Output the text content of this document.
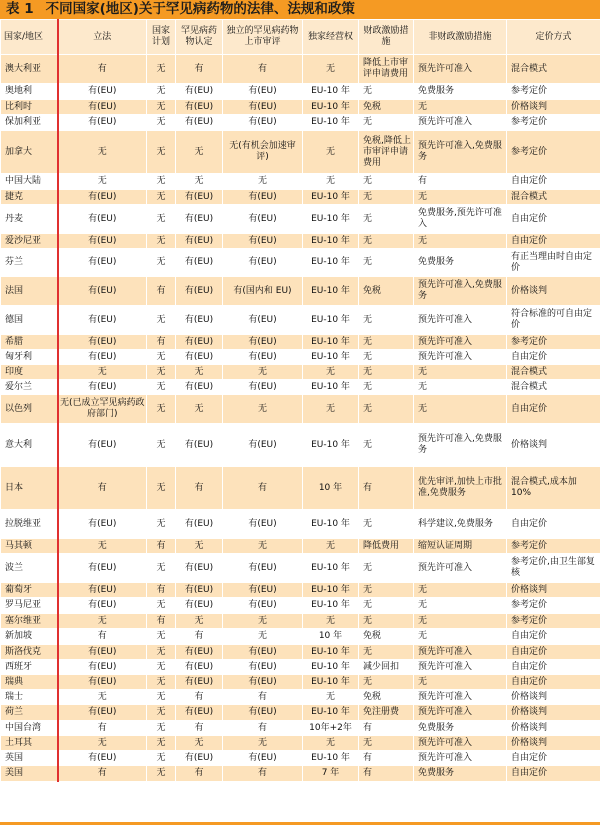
表 1 不同国家(地区)关于罕见病药物的法律、法规和政策
国家/地区	立法	国家计划	罕见病药物认定	独立的罕见病药物上市审评	独家经营权	财政激励措施	非财政激励措施	定价方式
澳大利亚	有	无	有	有	无	降低上市审评申请费用	预先许可准入	混合模式
奥地利	有(EU)	无	有(EU)	有(EU)	EU-10 年	无	免费服务	参考定价
比利时	有(EU)	无	有(EU)	有(EU)	EU-10 年	免税	无	价格谈判
保加利亚	有(EU)	无	有(EU)	有(EU)	EU-10 年	无	预先许可准入	参考定价
加拿大	无	无	无	无(有机会加速审评)	无	免税,降低上市审评申请费用	预先许可准入,免费服务	参考定价
中国大陆	无	无	无	无	无	无	有	自由定价
捷克	有(EU)	无	有(EU)	有(EU)	EU-10 年	无	无	混合模式
丹麦	有(EU)	无	有(EU)	有(EU)	EU-10 年	无	免费服务,预先许可准入	自由定价
爱沙尼亚	有(EU)	无	有(EU)	有(EU)	EU-10 年	无	无	自由定价
芬兰	有(EU)	无	有(EU)	有(EU)	EU-10 年	无	免费服务	有正当理由时自由定价
法国	有(EU)	有	有(EU)	有(国内和 EU)	EU-10 年	免税	预先许可准入,免费服务	价格谈判
德国	有(EU)	无	有(EU)	有(EU)	EU-10 年	无	预先许可准入	符合标准的可自由定价
希腊	有(EU)	有	有(EU)	有(EU)	EU-10 年	无	预先许可准入	参考定价
匈牙利	有(EU)	无	有(EU)	有(EU)	EU-10 年	无	预先许可准入	自由定价
印度	无	无	无	无	无	无	无	混合模式
爱尔兰	有(EU)	无	有(EU)	有(EU)	EU-10 年	无	无	混合模式
以色列	无(已成立罕见病药政府部门)	无	无	无	无	无	无	自由定价
意大利	有(EU)	无	有(EU)	有(EU)	EU-10 年	无	预先许可准入,免费服务	价格谈判
日本	有	无	有	有	10 年	有	优先审评,加快上市批准,免费服务	混合模式,成本加 10%
拉脱维亚	有(EU)	无	有(EU)	有(EU)	EU-10 年	无	科学建议,免费服务	自由定价
马其顿	无	有	无	无	无	降低费用	缩短认证周期	参考定价
波兰	有(EU)	无	有(EU)	有(EU)	EU-10 年	无	预先许可准入	参考定价,由卫生部复核
葡萄牙	有(EU)	有	有(EU)	有(EU)	EU-10 年	无	无	价格谈判
罗马尼亚	有(EU)	无	有(EU)	有(EU)	EU-10 年	无	无	参考定价
塞尔维亚	无	有	无	无	无	无	无	参考定价
新加坡	有	无	有	无	10 年	免税	无	自由定价
斯洛伐克	有(EU)	无	有(EU)	有(EU)	EU-10 年	无	预先许可准入	自由定价
西班牙	有(EU)	无	有(EU)	有(EU)	EU-10 年	减少回扣	预先许可准入	自由定价
瑞典	有(EU)	无	有(EU)	有(EU)	EU-10 年	无	无	自由定价
瑞士	无	无	有	有	无	免税	预先许可准入	价格谈判
荷兰	有(EU)	无	有(EU)	有(EU)	EU-10 年	免注册费	预先许可准入	价格谈判
中国台湾	有	无	有	有	10年+2年	有	免费服务	价格谈判
土耳其	无	无	无	无	无	无	预先许可准入	价格谈判
英国	有(EU)	无	有(EU)	有(EU)	EU-10 年	有	预先许可准入	自由定价
美国	有	无	有	有	7 年	有	免费服务	自由定价
